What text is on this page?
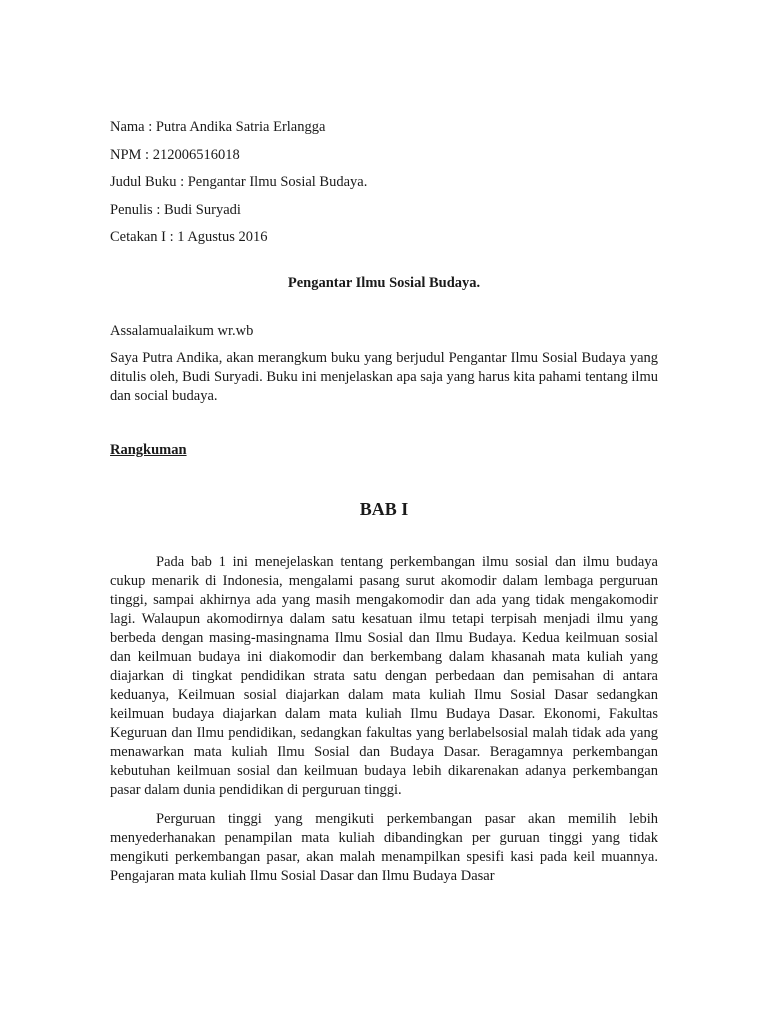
Nama : Putra Andika Satria Erlangga
NPM : 212006516018
Judul Buku : Pengantar Ilmu Sosial Budaya.
Penulis : Budi Suryadi
Cetakan I : 1 Agustus 2016
Pengantar Ilmu Sosial Budaya.
Assalamualaikum wr.wb

Saya Putra Andika, akan merangkum buku yang berjudul Pengantar Ilmu Sosial Budaya yang ditulis oleh, Budi Suryadi. Buku ini menjelaskan apa saja yang harus kita pahami tentang ilmu dan social budaya.

Rangkuman
BAB I

Pada bab 1 ini menejelaskan tentang perkembangan ilmu sosial dan ilmu budaya cukup menarik di Indonesia, mengalami pasang surut akomodir dalam lembaga perguruan tinggi, sampai akhirnya ada yang masih mengakomodir dan ada yang tidak mengakomodir lagi. Walaupun akomodirnya dalam satu kesatuan ilmu tetapi terpisah menjadi ilmu yang berbeda dengan masing-masingnama Ilmu Sosial dan Ilmu Budaya. Kedua keilmuan sosial dan keilmuan budaya ini diakomodir dan berkembang dalam khasanah mata kuliah yang diajarkan di tingkat pendidikan strata satu dengan perbedaan dan pemisahan di antara keduanya, Keilmuan sosial diajarkan dalam mata kuliah Ilmu Sosial Dasar sedangkan keilmuan budaya diajarkan dalam mata kuliah Ilmu Budaya Dasar. Ekonomi, Fakultas Keguruan dan Ilmu pendidikan, sedangkan fakultas yang berlabelsosial malah tidak ada yang menawarkan mata kuliah Ilmu Sosial dan Budaya Dasar. Beragamnya perkembangan kebutuhan keilmuan sosial dan keilmuan budaya lebih dikarenakan adanya perkembangan pasar dalam dunia pendidikan di perguruan tinggi.

Perguruan tinggi yang mengikuti perkembangan pasar akan memilih lebih menyederhanakan penampilan mata kuliah dibandingkan per guruan tinggi yang tidak mengikuti perkembangan pasar, akan malah menampilkan spesifi kasi pada keil muannya. Pengajaran mata kuliah Ilmu Sosial Dasar dan Ilmu Budaya Dasar
